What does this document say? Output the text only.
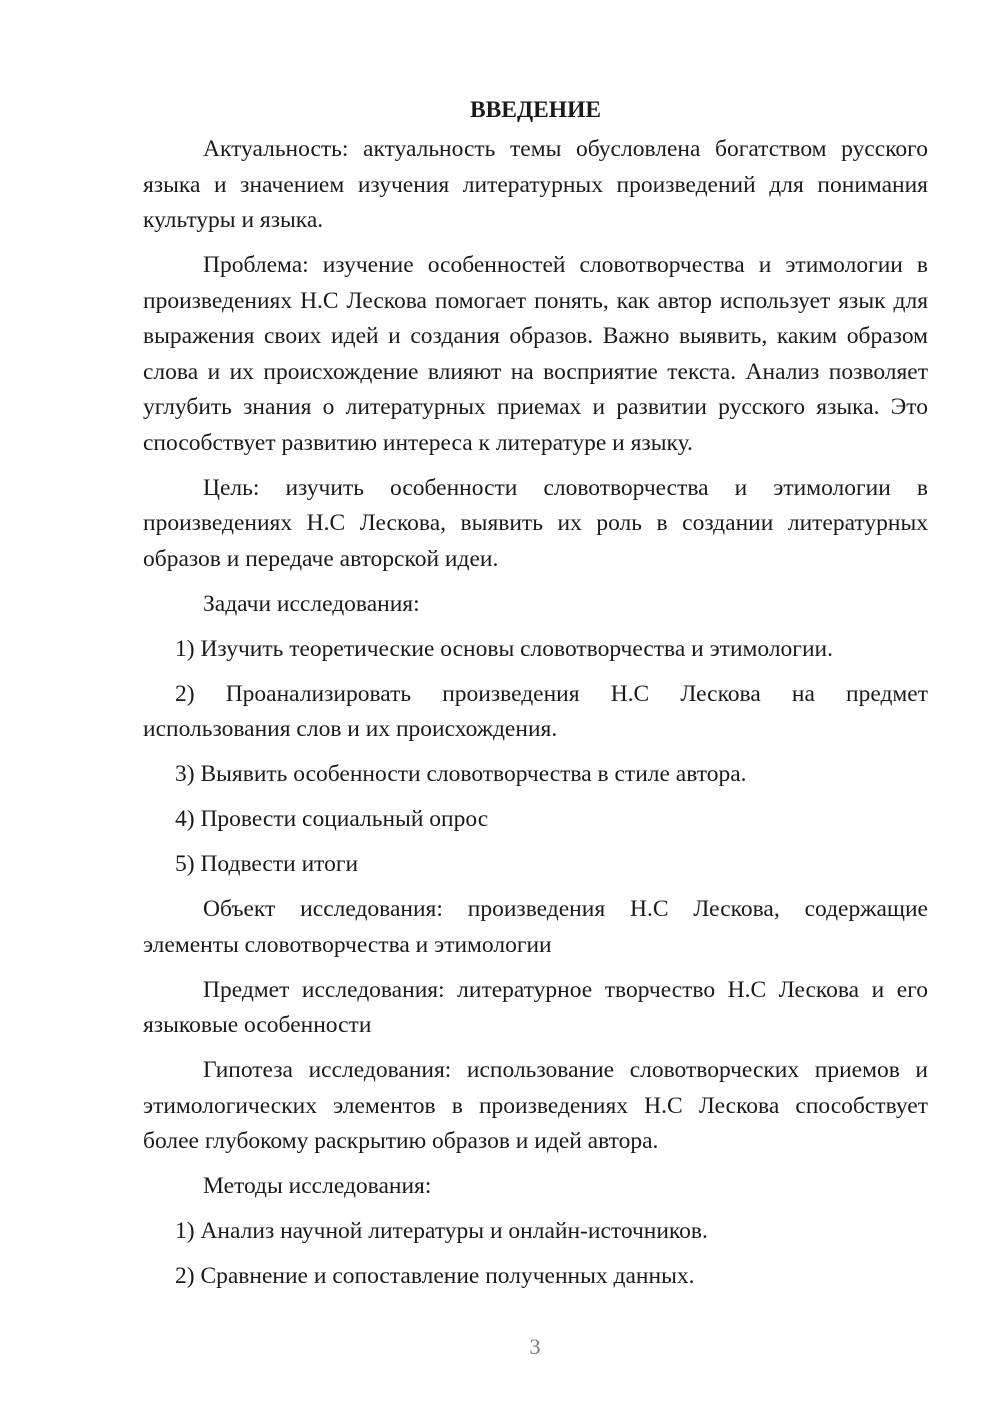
ВВЕДЕНИЕ
Актуальность: актуальность темы обусловлена богатством русского языка и значением изучения литературных произведений для понимания культуры и языка.
Проблема: изучение особенностей словотворчества и этимологии в произведениях Н.С Лескова помогает понять, как автор использует язык для выражения своих идей и создания образов. Важно выявить, каким образом слова и их происхождение влияют на восприятие текста. Анализ позволяет углубить знания о литературных приемах и развитии русского языка. Это способствует развитию интереса к литературе и языку.
Цель: изучить особенности словотворчества и этимологии в произведениях Н.С Лескова, выявить их роль в создании литературных образов и передаче авторской идеи.
Задачи исследования:
1) Изучить теоретические основы словотворчества и этимологии.
2) Проанализировать произведения Н.С Лескова на предмет использования слов и их происхождения.
3) Выявить особенности словотворчества в стиле автора.
4) Провести социальный опрос
5) Подвести итоги
Объект исследования: произведения Н.С Лескова, содержащие элементы словотворчества и этимологии
Предмет исследования: литературное творчество Н.С Лескова и его языковые особенности
Гипотеза исследования: использование словотворческих приемов и этимологических элементов в произведениях Н.С Лескова способствует более глубокому раскрытию образов и идей автора.
Методы исследования:
1) Анализ научной литературы и онлайн-источников.
2) Сравнение и сопоставление полученных данных.
3
